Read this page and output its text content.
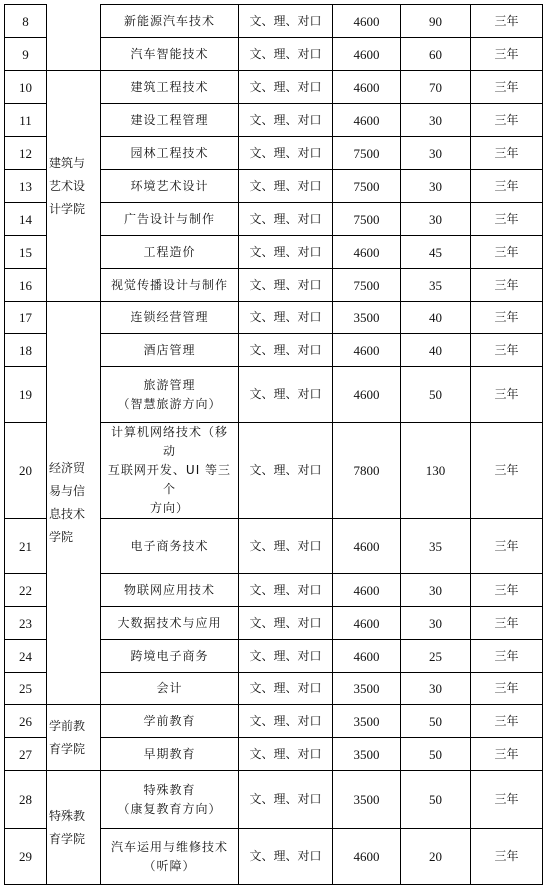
8		新能源汽车技术	文、理、对口	4600	90	三年
9		汽车智能技术	文、理、对口	4600	60	三年
10	建筑与
艺术设
计学院	建筑工程技术	文、理、对口	4600	70	三年
11		建设工程管理	文、理、对口	4600	30	三年
12		园林工程技术	文、理、对口	7500	30	三年
13		环境艺术设计	文、理、对口	7500	30	三年
14		广告设计与制作	文、理、对口	7500	30	三年
15		工程造价	文、理、对口	4600	45	三年
16		视觉传播设计与制作	文、理、对口	7500	35	三年
17	经济贸
易与信
息技术
学院	连锁经营管理	文、理、对口	3500	40	三年
18		酒店管理	文、理、对口	4600	40	三年
19		旅游管理
（智慧旅游方向）	文、理、对口	4600	50	三年
20		计算机网络技术（移动
互联网开发、UI 等三个
方向）	文、理、对口	7800	130	三年
21		电子商务技术	文、理、对口	4600	35	三年
22		物联网应用技术	文、理、对口	4600	30	三年
23		大数据技术与应用	文、理、对口	4600	30	三年
24		跨境电子商务	文、理、对口	4600	25	三年
25		会计	文、理、对口	3500	30	三年
26	学前教
育学院	学前教育	文、理、对口	3500	50	三年
27		早期教育	文、理、对口	3500	50	三年
28	特殊教
育学院	特殊教育
（康复教育方向）	文、理、对口	3500	50	三年
29		汽车运用与维修技术
（听障）	文、理、对口	4600	20	三年
